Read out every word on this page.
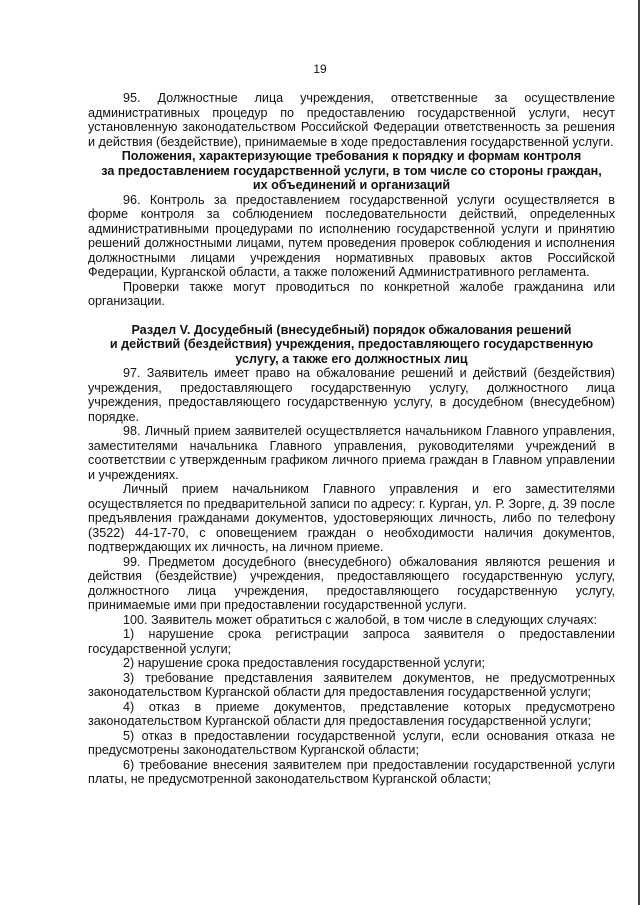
19

95. Должностные лица учреждения, ответственные за осуществление административных процедур по предоставлению государственной услуги, несут установленную законодательством Российской Федерации ответственность за решения и действия (бездействие), принимаемые в ходе предоставления государственной услуги.

Положения, характеризующие требования к порядку и формам контроля
за предоставлением государственной услуги, в том числе со стороны граждан,
их объединений и организаций

96. Контроль за предоставлением государственной услуги осуществляется в форме контроля за соблюдением последовательности действий, определенных административными процедурами по исполнению государственной услуги и принятию решений должностными лицами, путем проведения проверок соблюдения и исполнения должностными лицами учреждения нормативных правовых актов Российской Федерации, Курганской области, а также положений Административного регламента.

Проверки также могут проводиться по конкретной жалобе гражданина или организации.

Раздел V. Досудебный (внесудебный) порядок обжалования решений
и действий (бездействия) учреждения, предоставляющего государственную
услугу, а также его должностных лиц

97. Заявитель имеет право на обжалование решений и действий (бездействия) учреждения, предоставляющего государственную услугу, должностного лица учреждения, предоставляющего государственную услугу, в досудебном (внесудебном) порядке.

98. Личный прием заявителей осуществляется начальником Главного управления, заместителями начальника Главного управления, руководителями учреждений в соответствии с утвержденным графиком личного приема граждан в Главном управлении и учреждениях.

Личный прием начальником Главного управления и его заместителями осуществляется по предварительной записи по адресу: г. Курган, ул. Р. Зорге, д. 39 после предъявления гражданами документов, удостоверяющих личность, либо по телефону (3522) 44-17-70, с оповещением граждан о необходимости наличия документов, подтверждающих их личность, на личном приеме.

99. Предметом досудебного (внесудебного) обжалования являются решения и действия (бездействие) учреждения, предоставляющего государственную услугу, должностного лица учреждения, предоставляющего государственную услугу, принимаемые ими при предоставлении государственной услуги.

100. Заявитель может обратиться с жалобой, в том числе в следующих случаях:

1) нарушение срока регистрации запроса заявителя о предоставлении государственной услуги;

2) нарушение срока предоставления государственной услуги;

3) требование представления заявителем документов, не предусмотренных законодательством Курганской области для предоставления государственной услуги;

4) отказ в приеме документов, представление которых предусмотрено законодательством Курганской области для предоставления государственной услуги;

5) отказ в предоставлении государственной услуги, если основания отказа не предусмотрены законодательством Курганской области;

6) требование внесения заявителем при предоставлении государственной услуги платы, не предусмотренной законодательством Курганской области;
